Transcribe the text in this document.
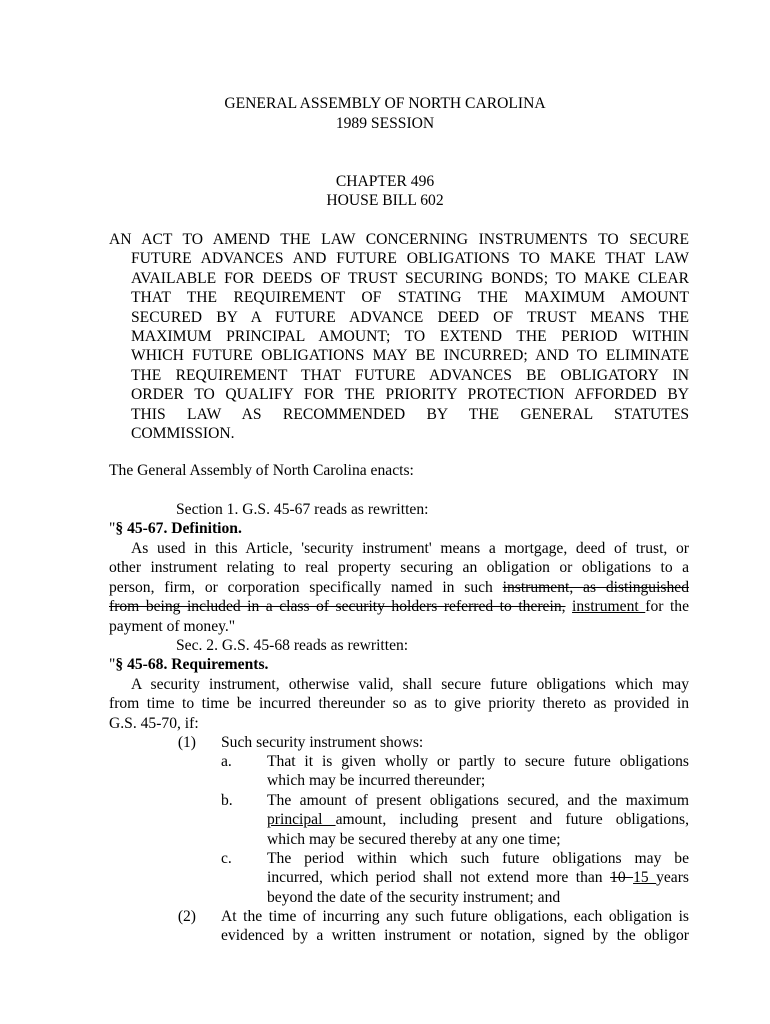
GENERAL ASSEMBLY OF NORTH CAROLINA
1989 SESSION
CHAPTER 496
HOUSE BILL 602
AN ACT TO AMEND THE LAW CONCERNING INSTRUMENTS TO SECURE
FUTURE ADVANCES AND FUTURE OBLIGATIONS TO MAKE THAT LAW
AVAILABLE FOR DEEDS OF TRUST SECURING BONDS; TO MAKE CLEAR
THAT THE REQUIREMENT OF STATING THE MAXIMUM AMOUNT
SECURED BY A FUTURE ADVANCE DEED OF TRUST MEANS THE
MAXIMUM PRINCIPAL AMOUNT; TO EXTEND THE PERIOD WITHIN
WHICH FUTURE OBLIGATIONS MAY BE INCURRED; AND TO ELIMINATE
THE REQUIREMENT THAT FUTURE ADVANCES BE OBLIGATORY IN
ORDER TO QUALIFY FOR THE PRIORITY PROTECTION AFFORDED BY
THIS LAW AS RECOMMENDED BY THE GENERAL STATUTES
COMMISSION.
The General Assembly of North Carolina enacts:
Section 1. G.S. 45-67 reads as rewritten:
"§ 45-67. Definition.
As used in this Article, 'security instrument' means a mortgage, deed of trust, or
other instrument relating to real property securing an obligation or obligations to a
person, firm, or corporation specifically named in such instrument, as distinguished
from being included in a class of security holders referred to therein, instrument for the
payment of money."
Sec. 2. G.S. 45-68 reads as rewritten:
"§ 45-68. Requirements.
A security instrument, otherwise valid, shall secure future obligations which may
from time to time be incurred thereunder so as to give priority thereto as provided in
G.S. 45-70, if:
(1) Such security instrument shows:
a. That it is given wholly or partly to secure future obligations
which may be incurred thereunder;
b. The amount of present obligations secured, and the maximum
principal amount, including present and future obligations,
which may be secured thereby at any one time;
c. The period within which such future obligations may be
incurred, which period shall not extend more than 10 15 years
beyond the date of the security instrument; and
(2) At the time of incurring any such future obligations, each obligation is
evidenced by a written instrument or notation, signed by the obligor
